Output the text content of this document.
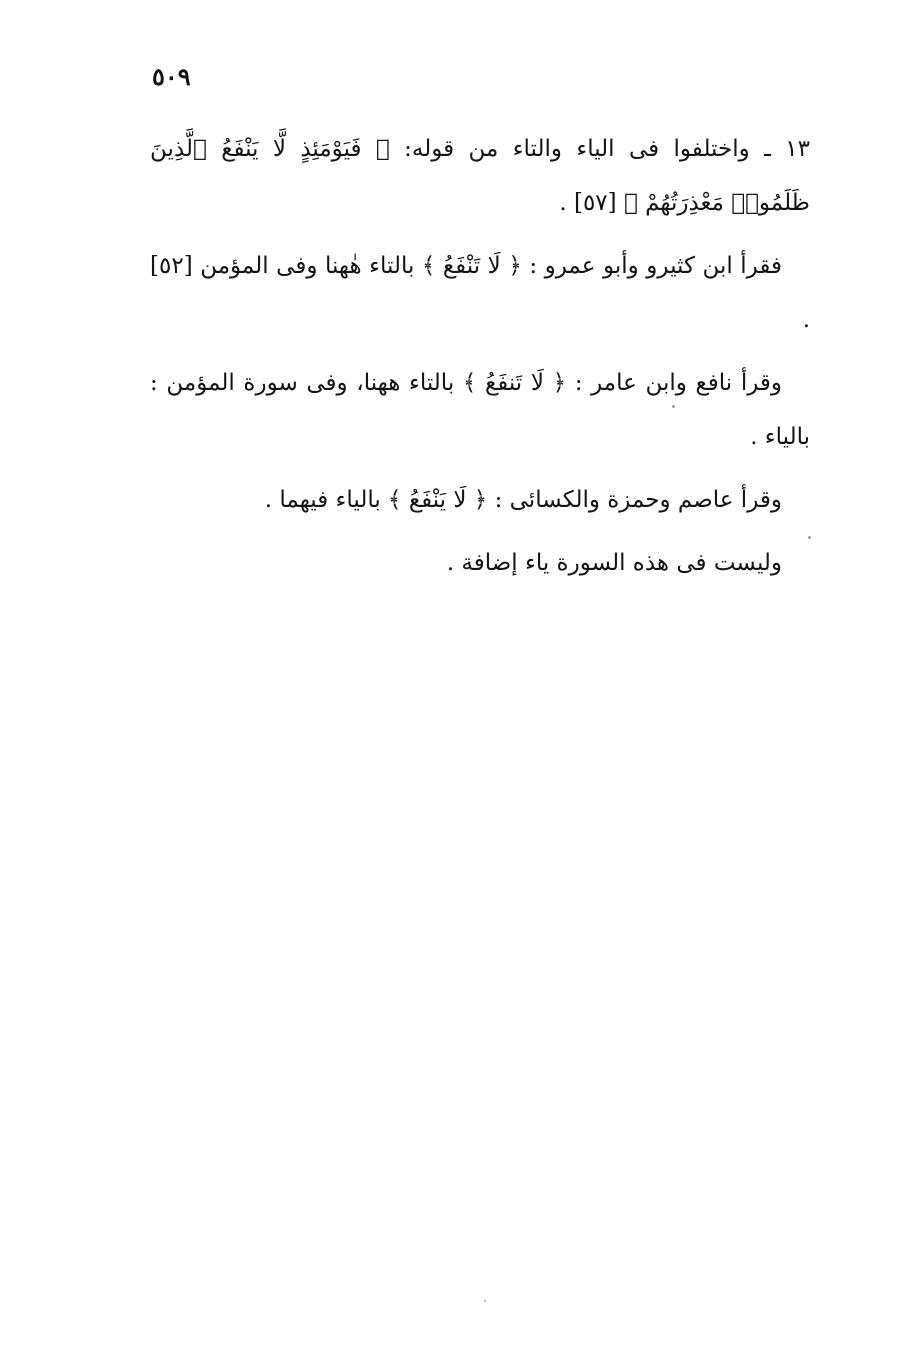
٥٠٩

١٣ ـ واختلفوا فى الياء والتاء من قوله: ﴿ فَيَوْمَئِذٍ لَّا يَنْفَعُ ٱلَّذِينَ ظَلَمُوا۟ مَعْذِرَتُهُمْ ﴾ [٥٧] .

فقرأ ابن كثيرو وأبو عمرو : ﴿ لَا تَنْفَعُ ﴾ بالتاء هٰهنا وفى المؤمن [٥٢] .

وقرأ نافع وابن عامر : ﴿ لَا تَنفَعُ ﴾ بالتاء ههنا، وفى سورة المؤمن : بالياء .

وقرأ عاصم وحمزة والكسائى : ﴿ لَا يَنْفَعُ ﴾ بالياء فيهما .

وليست فى هذه السورة ياء إضافة .
